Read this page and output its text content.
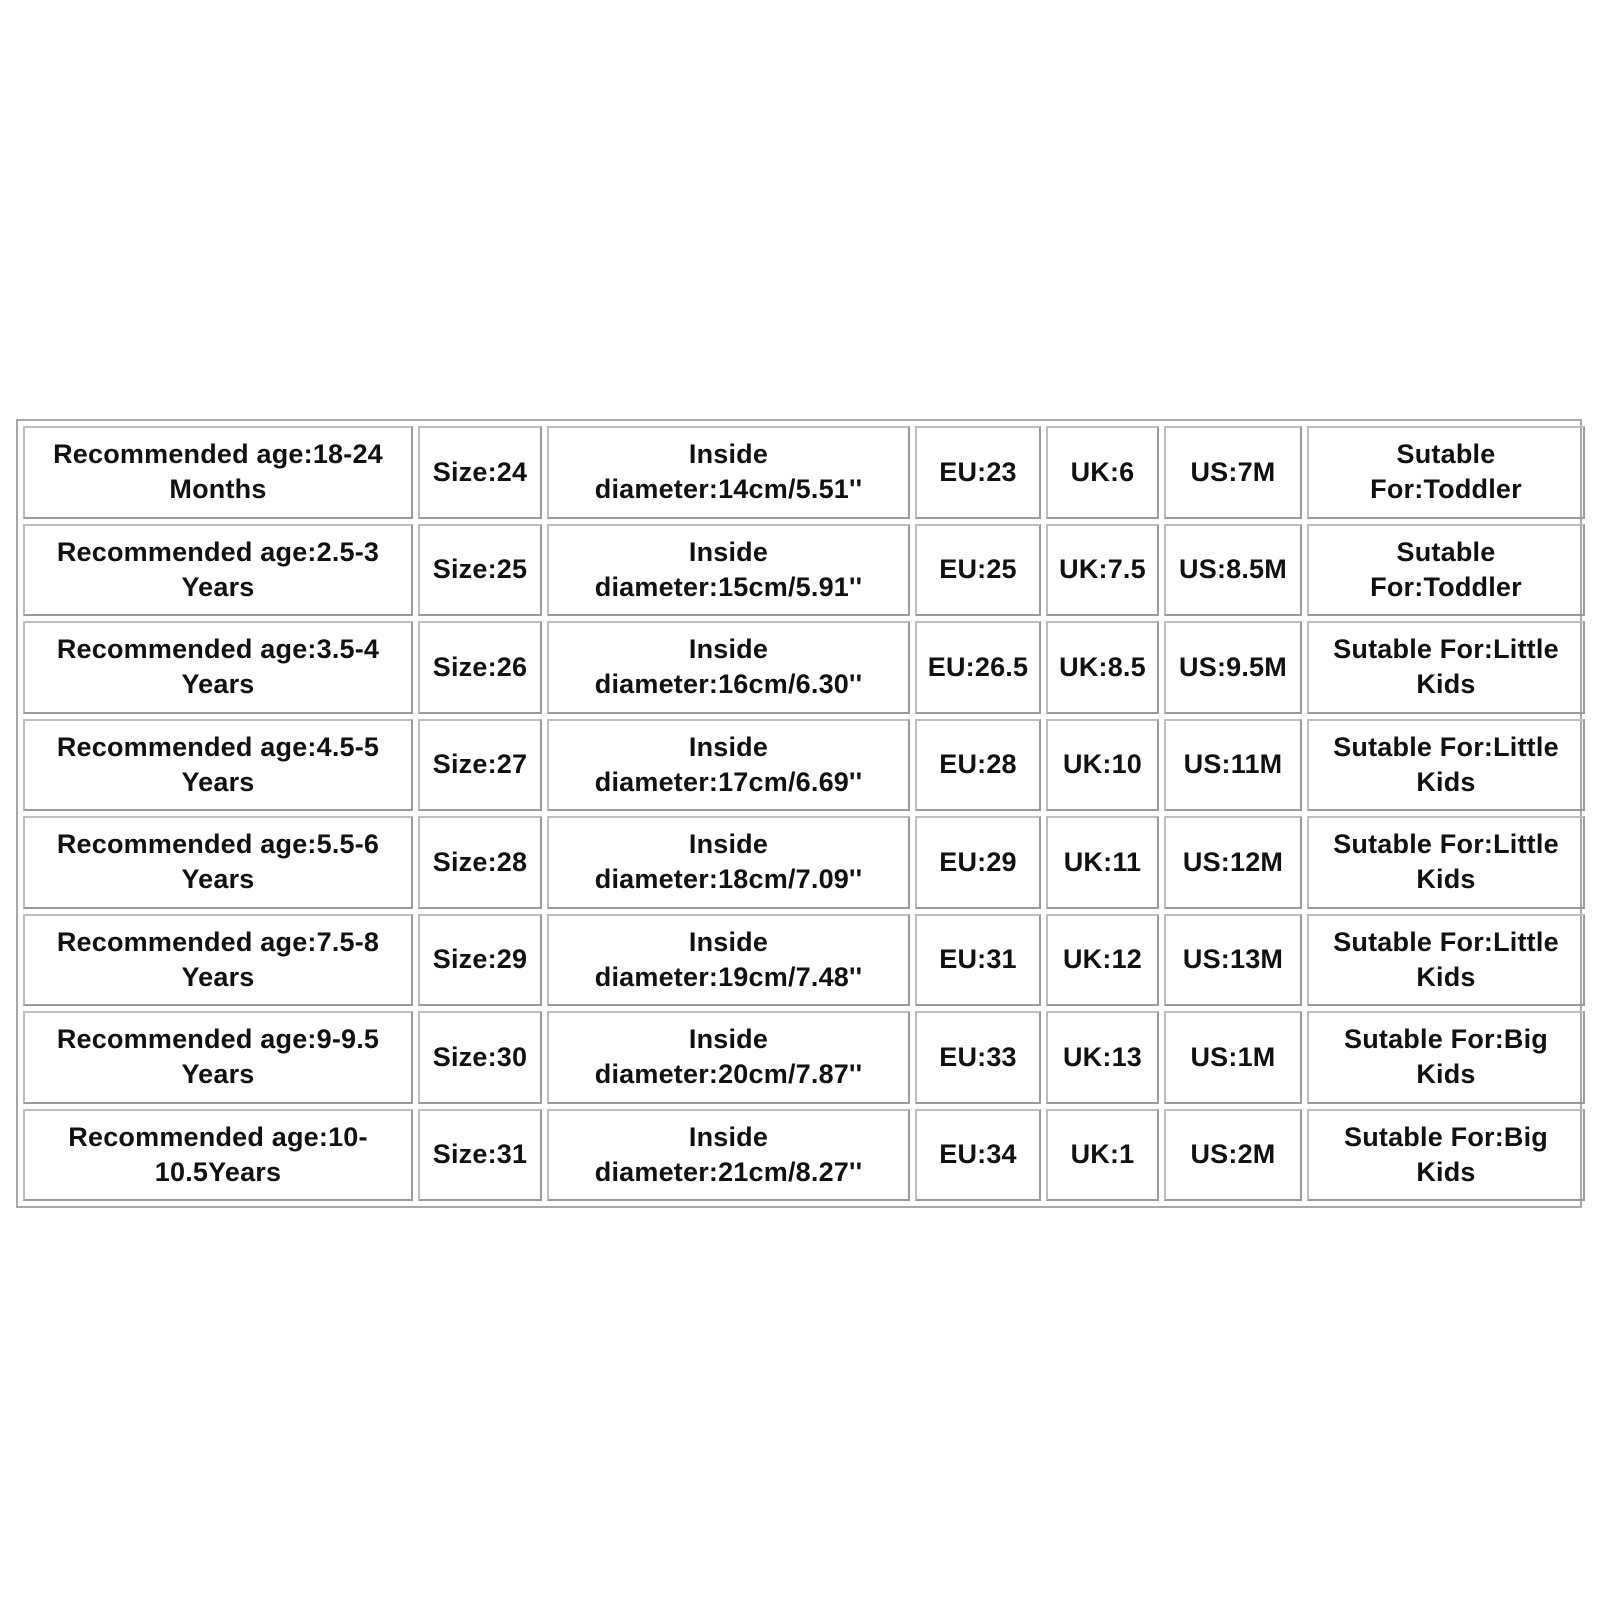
Recommended age:18-24 Months	Size:24	Inside
diameter:14cm/5.51''	EU:23	UK:6	US:7M	Sutable
For:Toddler
Recommended age:2.5-3 Years	Size:25	Inside
diameter:15cm/5.91''	EU:25	UK:7.5	US:8.5M	Sutable
For:Toddler
Recommended age:3.5-4 Years	Size:26	Inside
diameter:16cm/6.30''	EU:26.5	UK:8.5	US:9.5M	Sutable For:Little
Kids
Recommended age:4.5-5 Years	Size:27	Inside
diameter:17cm/6.69''	EU:28	UK:10	US:11M	Sutable For:Little
Kids
Recommended age:5.5-6 Years	Size:28	Inside
diameter:18cm/7.09''	EU:29	UK:11	US:12M	Sutable For:Little
Kids
Recommended age:7.5-8 Years	Size:29	Inside
diameter:19cm/7.48''	EU:31	UK:12	US:13M	Sutable For:Little
Kids
Recommended age:9-9.5 Years	Size:30	Inside
diameter:20cm/7.87''	EU:33	UK:13	US:1M	Sutable For:Big
Kids
Recommended age:10- 10.5Years	Size:31	Inside
diameter:21cm/8.27''	EU:34	UK:1	US:2M	Sutable For:Big
Kids
